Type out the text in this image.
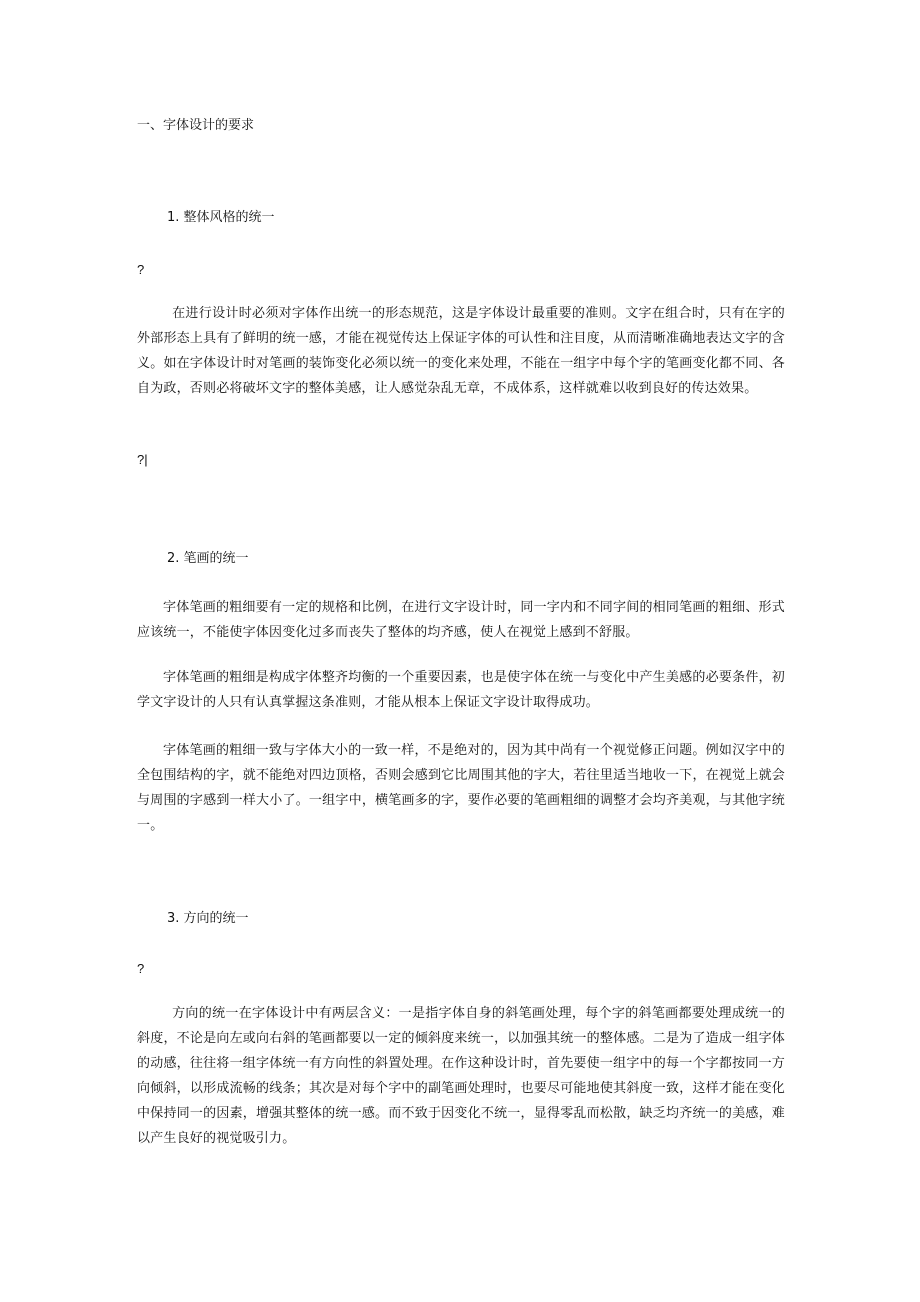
一、字体设计的要求
1. 整体风格的统一
?
在进行设计时必须对字体作出统一的形态规范，这是字体设计最重要的准则。文字在组合时，只有在字的外部形态上具有了鲜明的统一感，才能在视觉传达上保证字体的可认性和注目度，从而清晰准确地表达文字的含义。如在字体设计时对笔画的装饰变化必须以统一的变化来处理，不能在一组字中每个字的笔画变化都不同、各自为政，否则必将破坏文字的整体美感，让人感觉杂乱无章，不成体系，这样就难以收到良好的传达效果。
?|
2. 笔画的统一
字体笔画的粗细要有一定的规格和比例，在进行文字设计时，同一字内和不同字间的相同笔画的粗细、形式应该统一，不能使字体因变化过多而丧失了整体的均齐感，使人在视觉上感到不舒服。
字体笔画的粗细是构成字体整齐均衡的一个重要因素，也是使字体在统一与变化中产生美感的必要条件，初学文字设计的人只有认真掌握这条准则，才能从根本上保证文字设计取得成功。
字体笔画的粗细一致与字体大小的一致一样，不是绝对的，因为其中尚有一个视觉修正问题。例如汉字中的全包围结构的字，就不能绝对四边顶格，否则会感到它比周围其他的字大，若往里适当地收一下，在视觉上就会与周围的字感到一样大小了。一组字中，横笔画多的字，要作必要的笔画粗细的调整才会均齐美观，与其他字统一。
3. 方向的统一
?
方向的统一在字体设计中有两层含义：一是指字体自身的斜笔画处理，每个字的斜笔画都要处理成统一的斜度，不论是向左或向右斜的笔画都要以一定的倾斜度来统一，以加强其统一的整体感。二是为了造成一组字体的动感，往往将一组字体统一有方向性的斜置处理。在作这种设计时，首先要使一组字中的每一个字都按同一方向倾斜，以形成流畅的线条；其次是对每个字中的副笔画处理时，也要尽可能地使其斜度一致，这样才能在变化中保持同一的因素，增强其整体的统一感。而不致于因变化不统一，显得零乱而松散，缺乏均齐统一的美感，难以产生良好的视觉吸引力。
